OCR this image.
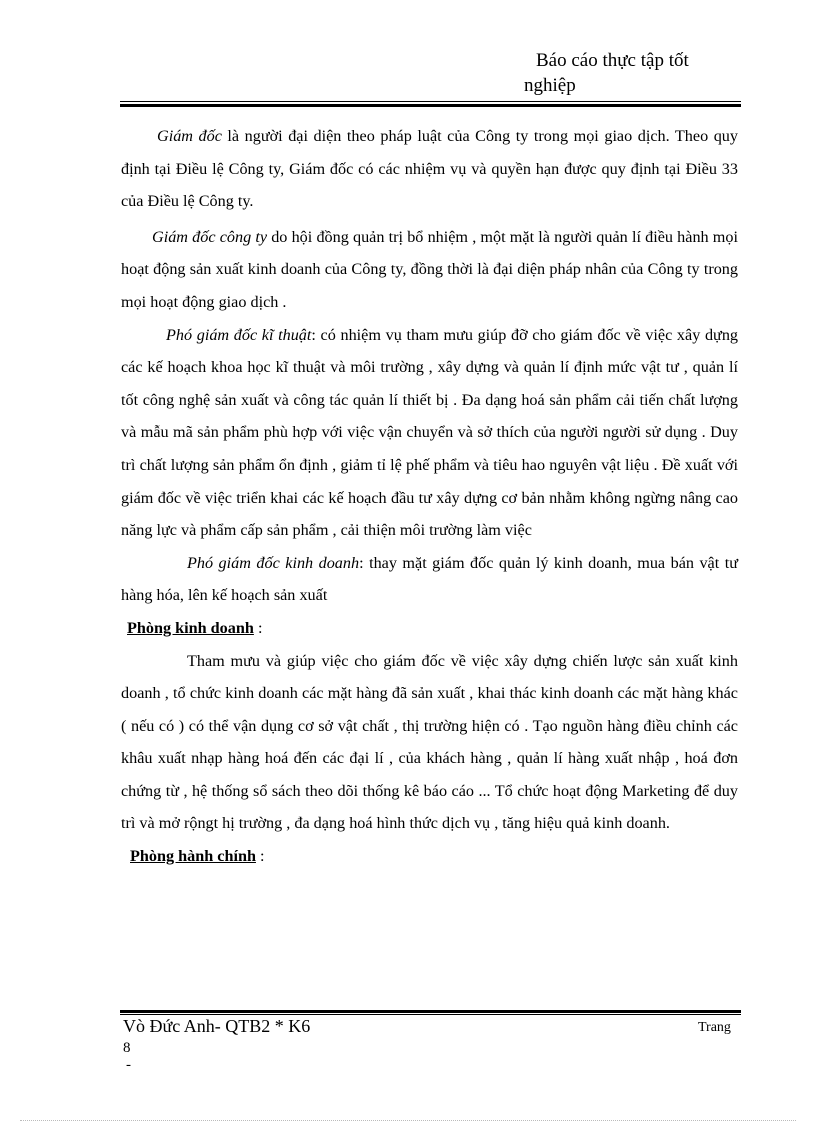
Báo cáo thực tập tốt
nghiệp

Giám đốc là người đại diện theo pháp luật của Công ty trong mọi giao dịch. Theo quy định tại Điều lệ Công ty, Giám đốc có các nhiệm vụ và quyền hạn được quy định tại Điều 33 của Điều lệ Công ty.

Giám đốc công ty do hội đồng quản trị bổ nhiệm , một mặt là người quản lí điều hành mọi hoạt động sản xuất kinh doanh của Công ty, đồng thời là đại diện pháp nhân của Công ty trong mọi hoạt động giao dịch .

Phó giám đốc kĩ thuật: có nhiệm vụ tham mưu giúp đỡ cho giám đốc về việc xây dựng các kế hoạch khoa học kĩ thuật và môi trường , xây dựng và quản lí định mức vật tư , quản lí tốt công nghệ sản xuất và công tác quản lí thiết bị . Đa dạng hoá sản phẩm cải tiến chất lượng và mẫu mã sản phẩm phù hợp với việc vận chuyển và sở thích của người người sử dụng . Duy trì chất lượng sản phẩm ổn định , giảm tỉ lệ phế phẩm và tiêu hao nguyên vật liệu . Đề xuất với giám đốc về việc triển khai các kế hoạch đầu tư xây dựng cơ bản nhằm không ngừng nâng cao năng lực và phẩm cấp sản phẩm , cải thiện môi trường làm việc

Phó giám đốc kinh doanh: thay mặt giám đốc quản lý kinh doanh, mua bán vật tư hàng hóa, lên kế hoạch sản xuất

Phòng kinh doanh :

Tham mưu và giúp việc cho giám đốc về việc xây dựng chiến lược sản xuất kinh doanh , tổ chức kinh doanh các mặt hàng đã sản xuất , khai thác kinh doanh các mặt hàng khác ( nếu có ) có thể vận dụng cơ sở vật chất , thị trường hiện có . Tạo nguồn hàng điều chỉnh các khâu xuất nhạp hàng hoá đến các đại lí , của khách hàng , quản lí hàng xuất nhập , hoá đơn chứng từ , hệ thống sổ sách theo dõi thống kê báo cáo ... Tổ chức hoạt động Marketing để duy trì và mở rộngt hị trường , đa dạng hoá hình thức dịch vụ , tăng hiệu quả kinh doanh.

Phòng hành chính :

Vò Đức Anh- QTB2 * K6	Trang
8
-
